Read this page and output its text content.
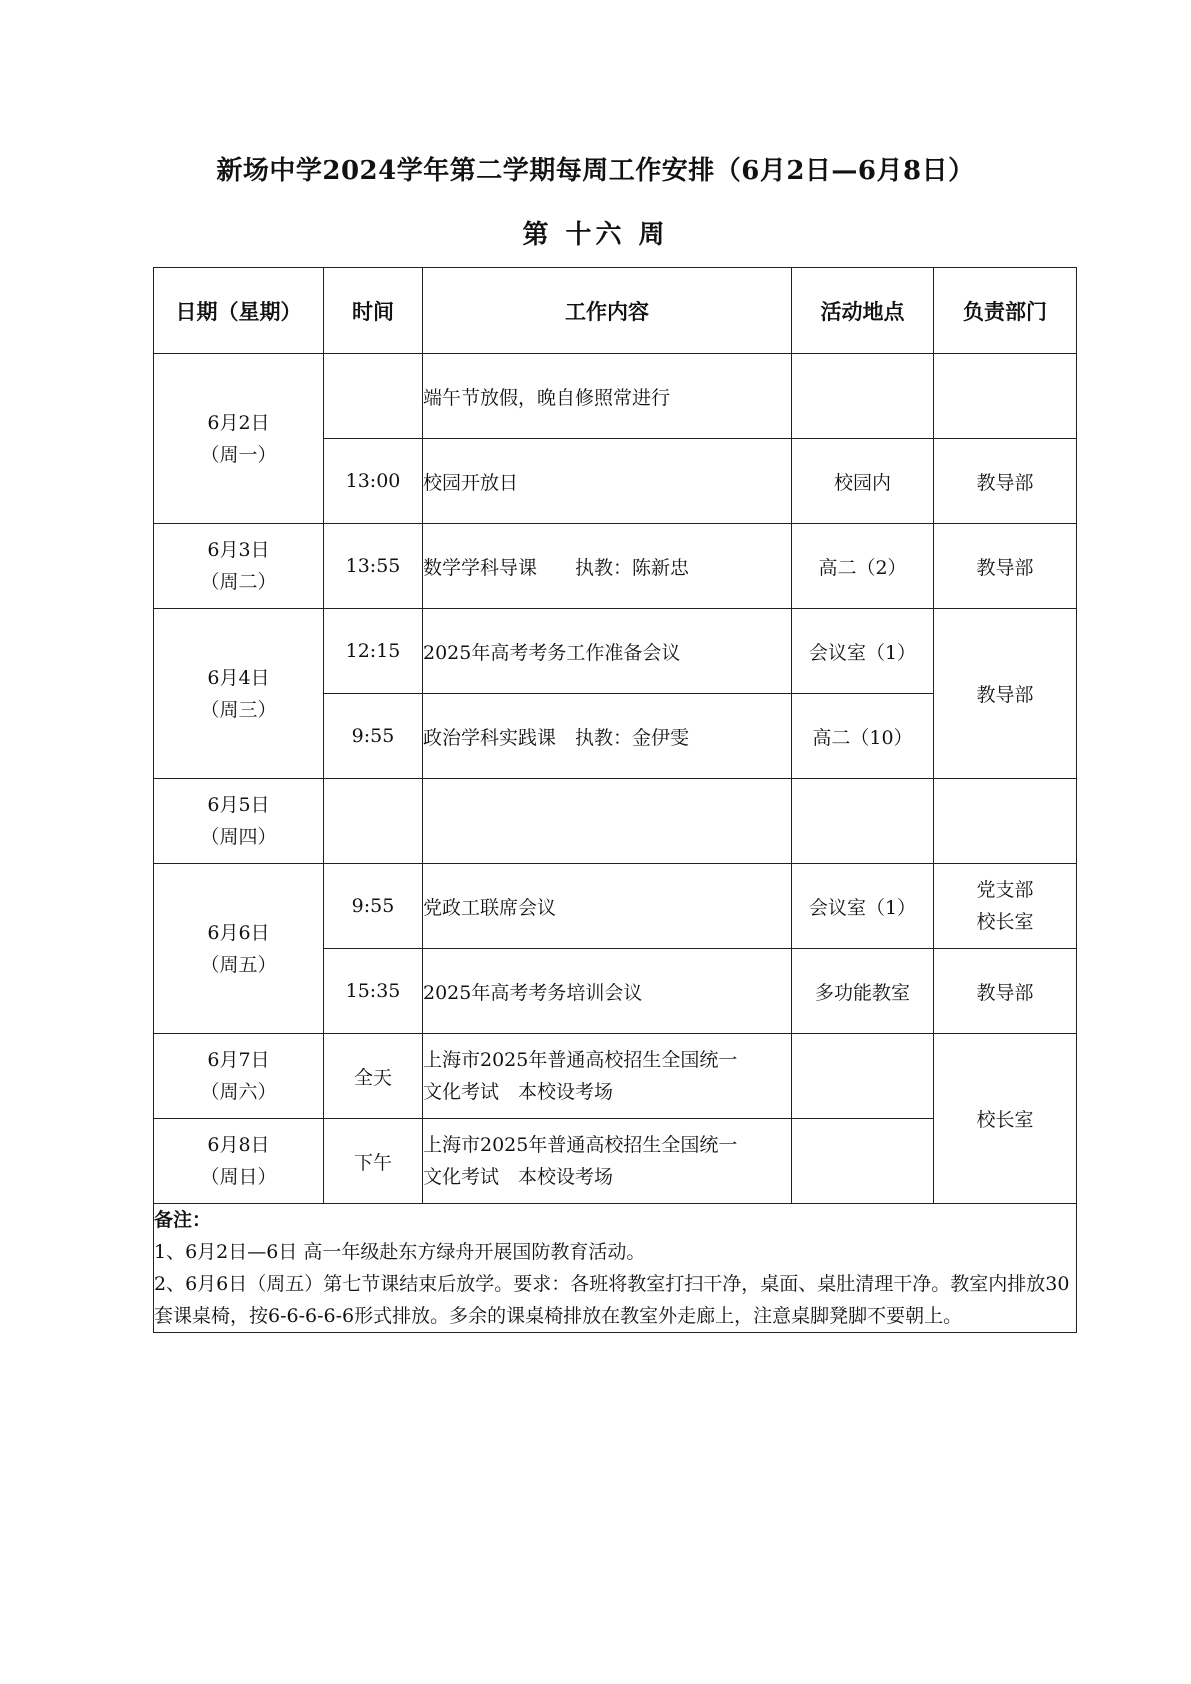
新场中学2024学年第二学期每周工作安排（6月2日—6月8日）
第 十六 周
日期（星期）	时间	工作内容	活动地点	负责部门

6月2日
（周一）		端午节放假，晚自修照常进行		
	13:00	校园开放日	校园内	教导部

6月3日
（周二）	13:55	数学学科导课　　执教：陈新忠	高二（2）	教导部

6月4日
（周三）	12:15	2025年高考考务工作准备会议	会议室（1）	教导部
	9:55	政治学科实践课　执教：金伊雯	高二（10）	

6月5日
（周四）				

6月6日
（周五）	9:55	党政工联席会议	会议室（1）	党支部
校长室

	15:35	2025年高考考务培训会议	多功能教室	教导部

6月7日
（周六）	全天	上海市2025年普通高校招生全国统一
文化考试　本校设考场		校长室

6月8日
（周日）	下午	上海市2025年普通高校招生全国统一
文化考试　本校设考场		

备注：
1、6月2日—6日 高一年级赴东方绿舟开展国防教育活动。
2、6月6日（周五）第七节课结束后放学。要求：各班将教室打扫干净，桌面、桌肚清理干净。教室内排放30套课桌椅，按6-6-6-6-6形式排放。多余的课桌椅排放在教室外走廊上，注意桌脚凳脚不要朝上。				
